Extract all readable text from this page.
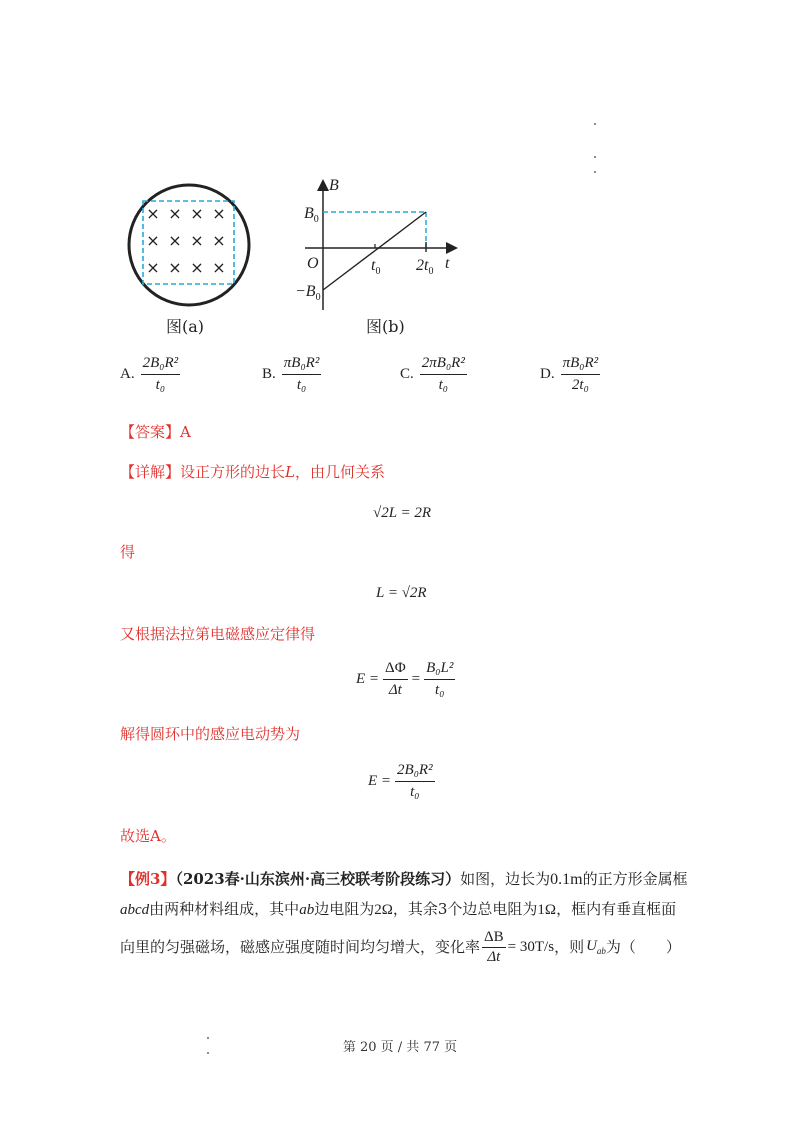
× × × ×
× × × ×
× × × ×
图(a)
B
t
O
$B_0$
$-B_0$
$t_0$ $2t_0$
图(b)
A. $\frac{\text{2B₀R²}}{\text{t₀}}$	B. $\frac{\text{πB₀R²}}{\text{t₀}}$	C. $\frac{\text{2πB₀R²}}{\text{t₀}}$	D. $\frac{\text{πB₀R²}}{\text{2t₀}}$
【答案】A
【详解】设正方形的边长L，由几何关系
√2L = 2R
得
L = √2R
又根据法拉第电磁感应定律得
$E = \frac{\Delta\Phi}{\Delta t} = \frac{\text{B₀L²}}{\text{t₀}}$
解得圆环中的感应电动势为
$E = \frac{\text{2B₀R²}}{\text{t₀}}$
故选A。
【例3】（2023春·山东滨州·高三校联考阶段练习）如图，边长为0.1m的正方形金属框
abcd由两种材料组成，其中ab边电阻为2Ω，其余3个边总电阻为1Ω，框内有垂直框面
向里的匀强磁场，磁感应强度随时间均匀增大，变化率 $\frac{\Delta B}{\Delta t} = 30T/s$ ，则 $U_{ab}$ 为（　　）
第 20 页 / 共 77 页
